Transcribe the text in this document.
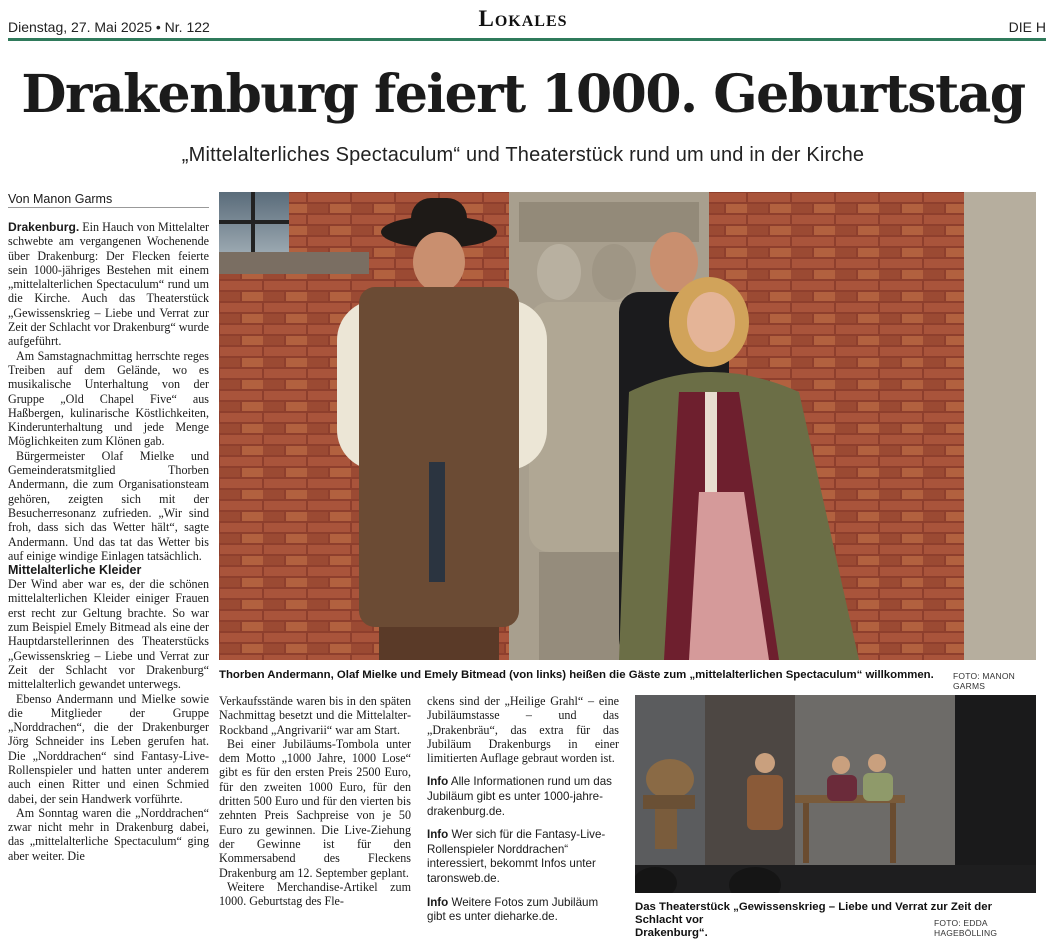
Dienstag, 27. Mai 2025 • Nr. 122	Lokales	DIE H
Drakenburg feiert 1000. Geburtstag
„Mittelalterliches Spectaculum“ und Theaterstück rund um und in der Kirche
Von Manon Garms

Drakenburg. Ein Hauch von Mittelalter schwebte am vergangenen Wochenende über Drakenburg: Der Flecken feierte sein 1000-jähriges Bestehen mit einem „mittelalterlichen Spectaculum“ rund um die Kirche. Auch das Theaterstück „Gewissenskrieg – Liebe und Verrat zur Zeit der Schlacht vor Drakenburg“ wurde aufgeführt.

Am Samstagnachmittag herrschte reges Treiben auf dem Gelände, wo es musikalische Unterhaltung von der Gruppe „Old Chapel Five“ aus Haßbergen, kulinarische Köstlichkeiten, Kinderunterhaltung und jede Menge Möglichkeiten zum Klönen gab.

Bürgermeister Olaf Mielke und Gemeinderatsmitglied Thorben Andermann, die zum Organisationsteam gehören, zeigten sich mit der Besucherresonanz zufrieden. „Wir sind froh, dass sich das Wetter hält“, sagte Andermann. Und das tat das Wetter bis auf einige windige Einlagen tatsächlich.

Mittelalterliche Kleider

Der Wind aber war es, der die schönen mittelalterlichen Kleider einiger Frauen erst recht zur Geltung brachte. So war zum Beispiel Emely Bitmead als eine der Hauptdarstellerinnen des Theaterstücks „Gewissenskrieg – Liebe und Verrat zur Zeit der Schlacht vor Drakenburg“ mittelalterlich gewandet unterwegs.

Ebenso Andermann und Mielke sowie die Mitglieder der Gruppe „Norddrachen“, die der Drakenburger Jörg Schneider ins Leben gerufen hat. Die „Norddrachen“ sind Fantasy-Live-Rollenspieler und hatten unter anderem auch einen Ritter und einen Schmied dabei, der sein Handwerk vorführte.

Am Sonntag waren die „Norddrachen“ zwar nicht mehr in Drakenburg dabei, das „mittelalterliche Spectaculum“ ging aber weiter. Die

Thorben Andermann, Olaf Mielke und Emely Bitmead (von links) heißen die Gäste zum „mittelalterlichen Spectaculum“ willkommen.	FOTO: MANON GARMS

Verkaufsstände waren bis in den späten Nachmittag besetzt und die Mittelalter-Rockband „Angrivarii“ war am Start.

Bei einer Jubiläums-Tombola unter dem Motto „1000 Jahre, 1000 Lose“ gibt es für den ersten Preis 2500 Euro, für den zweiten 1000 Euro, für den dritten 500 Euro und für den vierten bis zehnten Preis Sachpreise von je 50 Euro zu gewinnen. Die Live-Ziehung der Gewinne ist für den Kommersabend des Fleckens Drakenburg am 12. September geplant.

Weitere Merchandise-Artikel zum 1000. Geburtstag des Fle-

ckens sind der „Heilige Grahl“ – eine Jubiläumstasse – und das „Drakenbräu“, das extra für das Jubiläum Drakenburgs in einer limitierten Auflage gebraut worden ist.

Info Alle Informationen rund um das Jubiläum gibt es unter 1000-jahre-drakenburg.de.

Info Wer sich für die Fantasy-Live-Rollenspieler Norddrachen“ interessiert, bekommt Infos unter taronsweb.de.

Info Weitere Fotos zum Jubiläum gibt es unter dieharke.de.

Das Theaterstück „Gewissenskrieg – Liebe und Verrat zur Zeit der Schlacht vor
Drakenburg“.
FOTO: EDDA HAGEBÖLLING
